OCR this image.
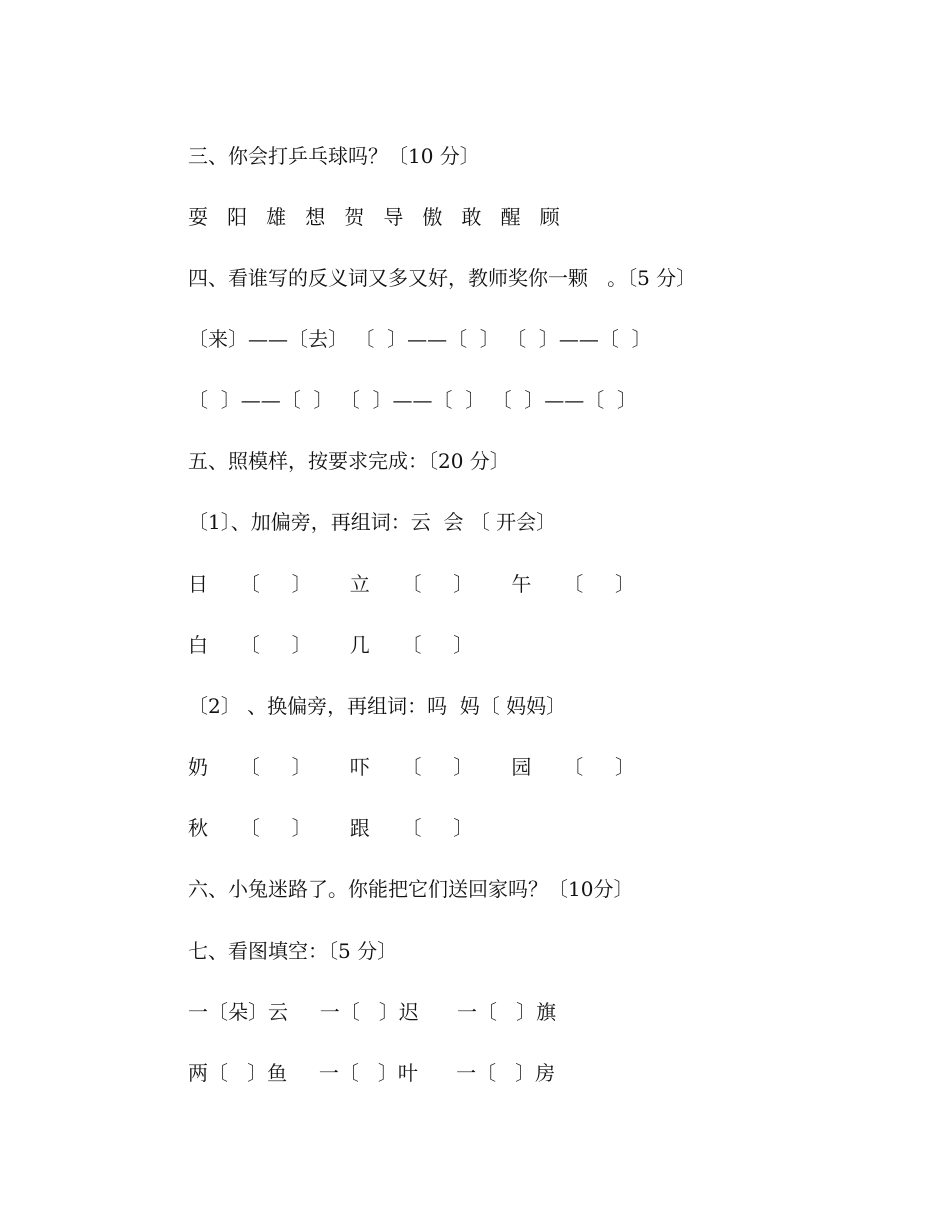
三、你会打乒乓球吗？〔10 分〕
耍   阳   雄   想   贺   导   傲   敢   醒   顾
四、看谁写的反义词又多又好，教师奖你一颗   。〔5 分〕
〔来〕——〔去〕 〔  〕——〔  〕 〔  〕——〔  〕
〔  〕——〔  〕 〔  〕——〔  〕 〔  〕——〔  〕
五、照模样，按要求完成：〔20 分〕
〔1〕、加偏旁，再组词：云  会 〔 开会〕
日     〔     〕      立     〔     〕      午     〔     〕
白     〔     〕      几     〔     〕
〔2〕 、换偏旁，再组词：吗  妈〔 妈妈〕
奶     〔     〕      吓     〔     〕      园     〔     〕
秋     〔     〕      跟     〔     〕
六、小兔迷路了。你能把它们送回家吗？〔10分〕
七、看图填空：〔5 分〕
一〔朵〕云     一〔   〕迟      一〔   〕旗
两〔   〕鱼     一〔   〕叶      一〔   〕房
